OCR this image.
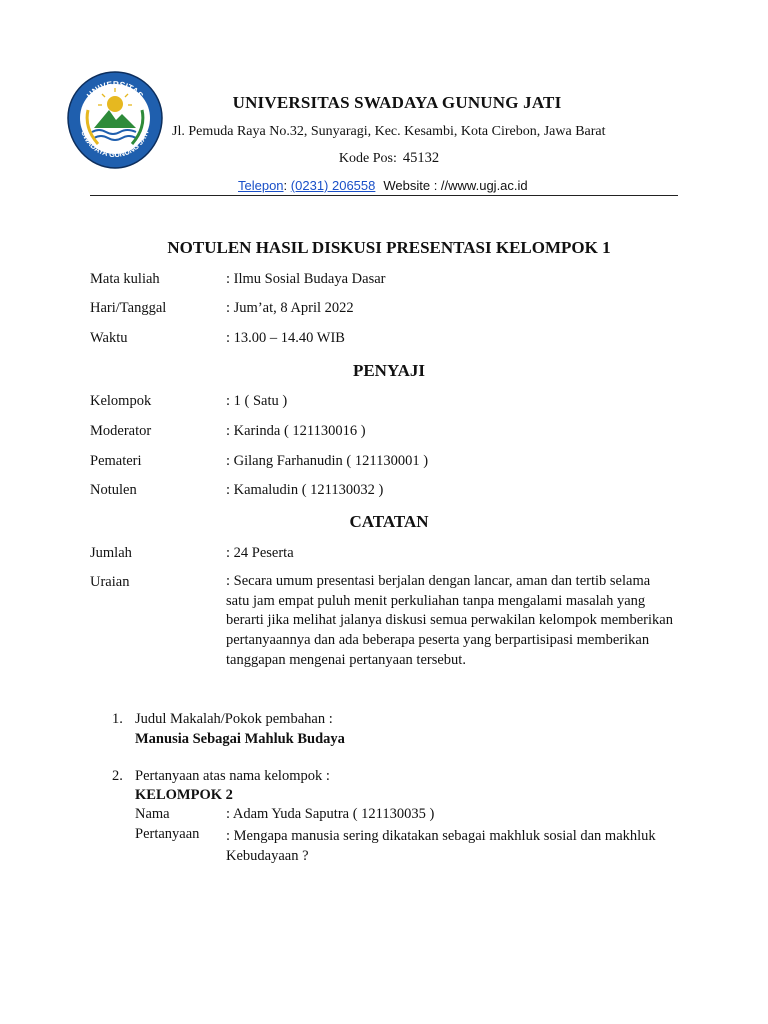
UNIVERSITAS
SWADAYA GUNUNG JATI
UNIVERSITAS SWADAYA GUNUNG JATI
Jl. Pemuda Raya No.32, Sunyaragi, Kec. Kesambi, Kota Cirebon, Jawa Barat
Kode Pos: 45132
Telepon: (0231) 206558 Website : //www.ugj.ac.id
NOTULEN HASIL DISKUSI PRESENTASI KELOMPOK 1
Mata kuliah	: Ilmu Sosial Budaya Dasar
Hari/Tanggal	: Jum’at, 8 April 2022
Waktu	: 13.00 – 14.40 WIB
PENYAJI
Kelompok	: 1 ( Satu )
Moderator	: Karinda ( 121130016 )
Pemateri	: Gilang Farhanudin ( 121130001 )
Notulen	: Kamaludin ( 121130032 )
CATATAN
Jumlah	: 24 Peserta
Uraian	: Secara umum presentasi berjalan dengan lancar, aman dan tertib selama satu jam empat puluh menit perkuliahan tanpa mengalami masalah yang berarti jika melihat jalanya diskusi semua perwakilan kelompok memberikan pertanyaannya dan ada beberapa peserta yang berpartisipasi memberikan tanggapan mengenai pertanyaan tersebut.
1. Judul Makalah/Pokok pembahan :
Manusia Sebagai Mahluk Budaya
2. Pertanyaan atas nama kelompok :
KELOMPOK 2
Nama	: Adam Yuda Saputra ( 121130035 )
Pertanyaan : Mengapa manusia sering dikatakan sebagai makhluk sosial dan makhluk Kebudayaan ?
